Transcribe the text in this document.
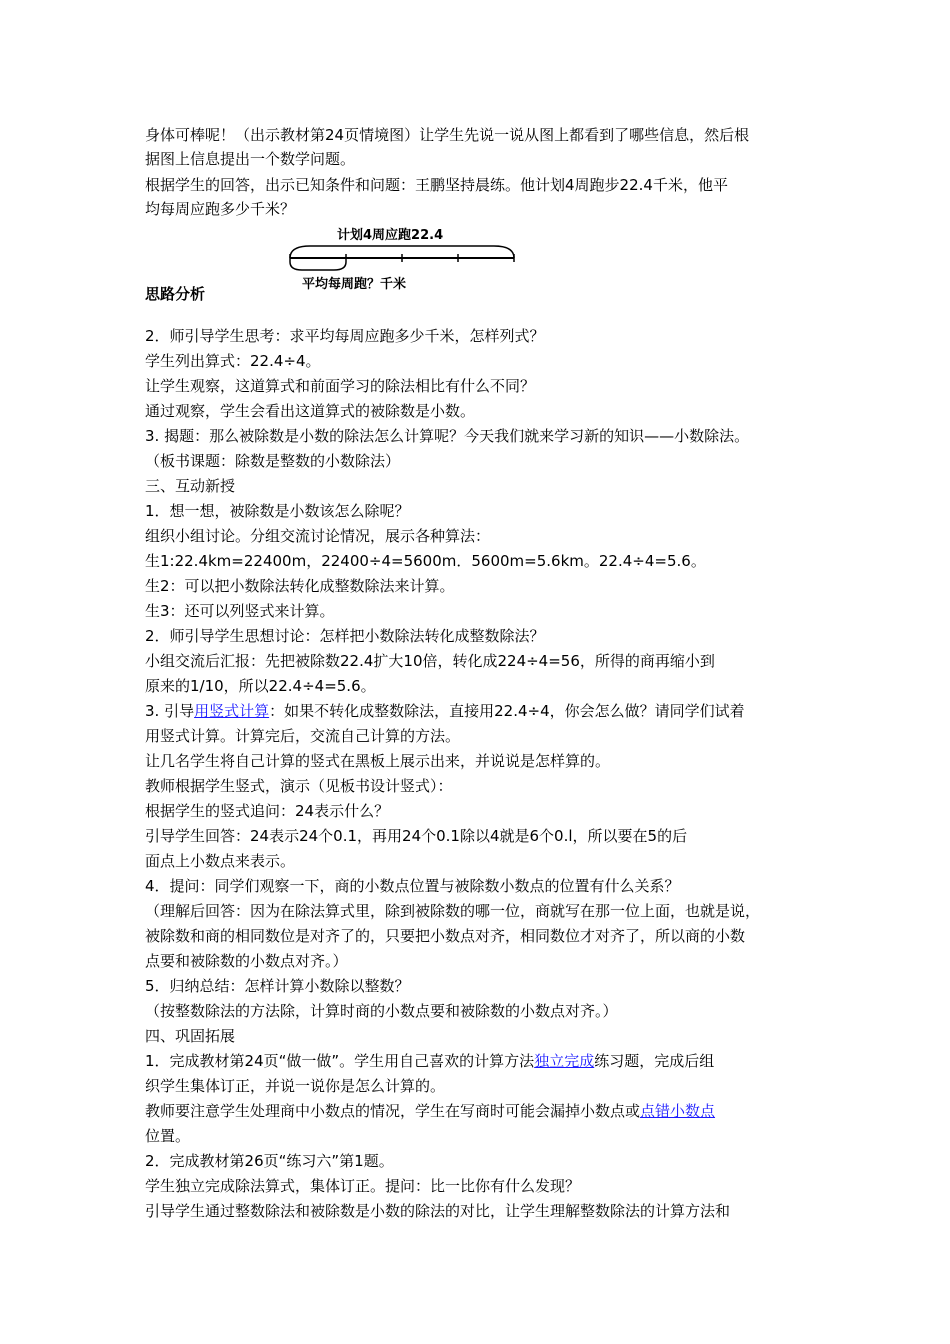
身体可棒呢！（出示教材第24页情境图）让学生先说一说从图上都看到了哪些信息，然后根
据图上信息提出一个数学问题。
根据学生的回答，出示已知条件和问题：王鹏坚持晨练。他计划4周跑步22.4千米，他平
均每周应跑多少千米？
计划4周应跑22.4
平均每周跑？千米
思路分析
2．师引导学生思考：求平均每周应跑多少千米，怎样列式？
学生列出算式：22.4÷4。
让学生观察，这道算式和前面学习的除法相比有什么不同？
通过观察，学生会看出这道算式的被除数是小数。
3. 揭题：那么被除数是小数的除法怎么计算呢？今天我们就来学习新的知识——小数除法。
（板书课题：除数是整数的小数除法）
三、互动新授
1．想一想，被除数是小数该怎么除呢？
组织小组讨论。分组交流讨论情况，展示各种算法：
生1:22.4km=22400m，22400÷4=5600m．5600m=5.6km。22.4÷4=5.6。
生2：可以把小数除法转化成整数除法来计算。
生3：还可以列竖式来计算。
2．师引导学生思想讨论：怎样把小数除法转化成整数除法？
小组交流后汇报：先把被除数22.4扩大10倍，转化成224÷4=56，所得的商再缩小到
原来的1/10，所以22.4÷4=5.6。
3. 引导用竖式计算：如果不转化成整数除法，直接用22.4÷4，你会怎么做？请同学们试着
用竖式计算。计算完后，交流自己计算的方法。
让几名学生将自己计算的竖式在黑板上展示出来，并说说是怎样算的。
教师根据学生竖式，演示（见板书设计竖式）：
根据学生的竖式追问：24表示什么？
引导学生回答：24表示24个0.1，再用24个0.1除以4就是6个0.l，所以要在5的后
面点上小数点来表示。
4．提问：同学们观察一下，商的小数点位置与被除数小数点的位置有什么关系？
（理解后回答：因为在除法算式里，除到被除数的哪一位，商就写在那一位上面，也就是说，
被除数和商的相同数位是对齐了的，只要把小数点对齐，相同数位才对齐了，所以商的小数
点要和被除数的小数点对齐。）
5．归纳总结：怎样计算小数除以整数？
（按整数除法的方法除，计算时商的小数点要和被除数的小数点对齐。）
四、巩固拓展
1．完成教材第24页“做一做”。学生用自己喜欢的计算方法独立完成练习题，完成后组
织学生集体订正，并说一说你是怎么计算的。
教师要注意学生处理商中小数点的情况，学生在写商时可能会漏掉小数点或点错小数点
位置。
2．完成教材第26页“练习六”第1题。
学生独立完成除法算式，集体订正。提问：比一比你有什么发现？
引导学生通过整数除法和被除数是小数的除法的对比，让学生理解整数除法的计算方法和
